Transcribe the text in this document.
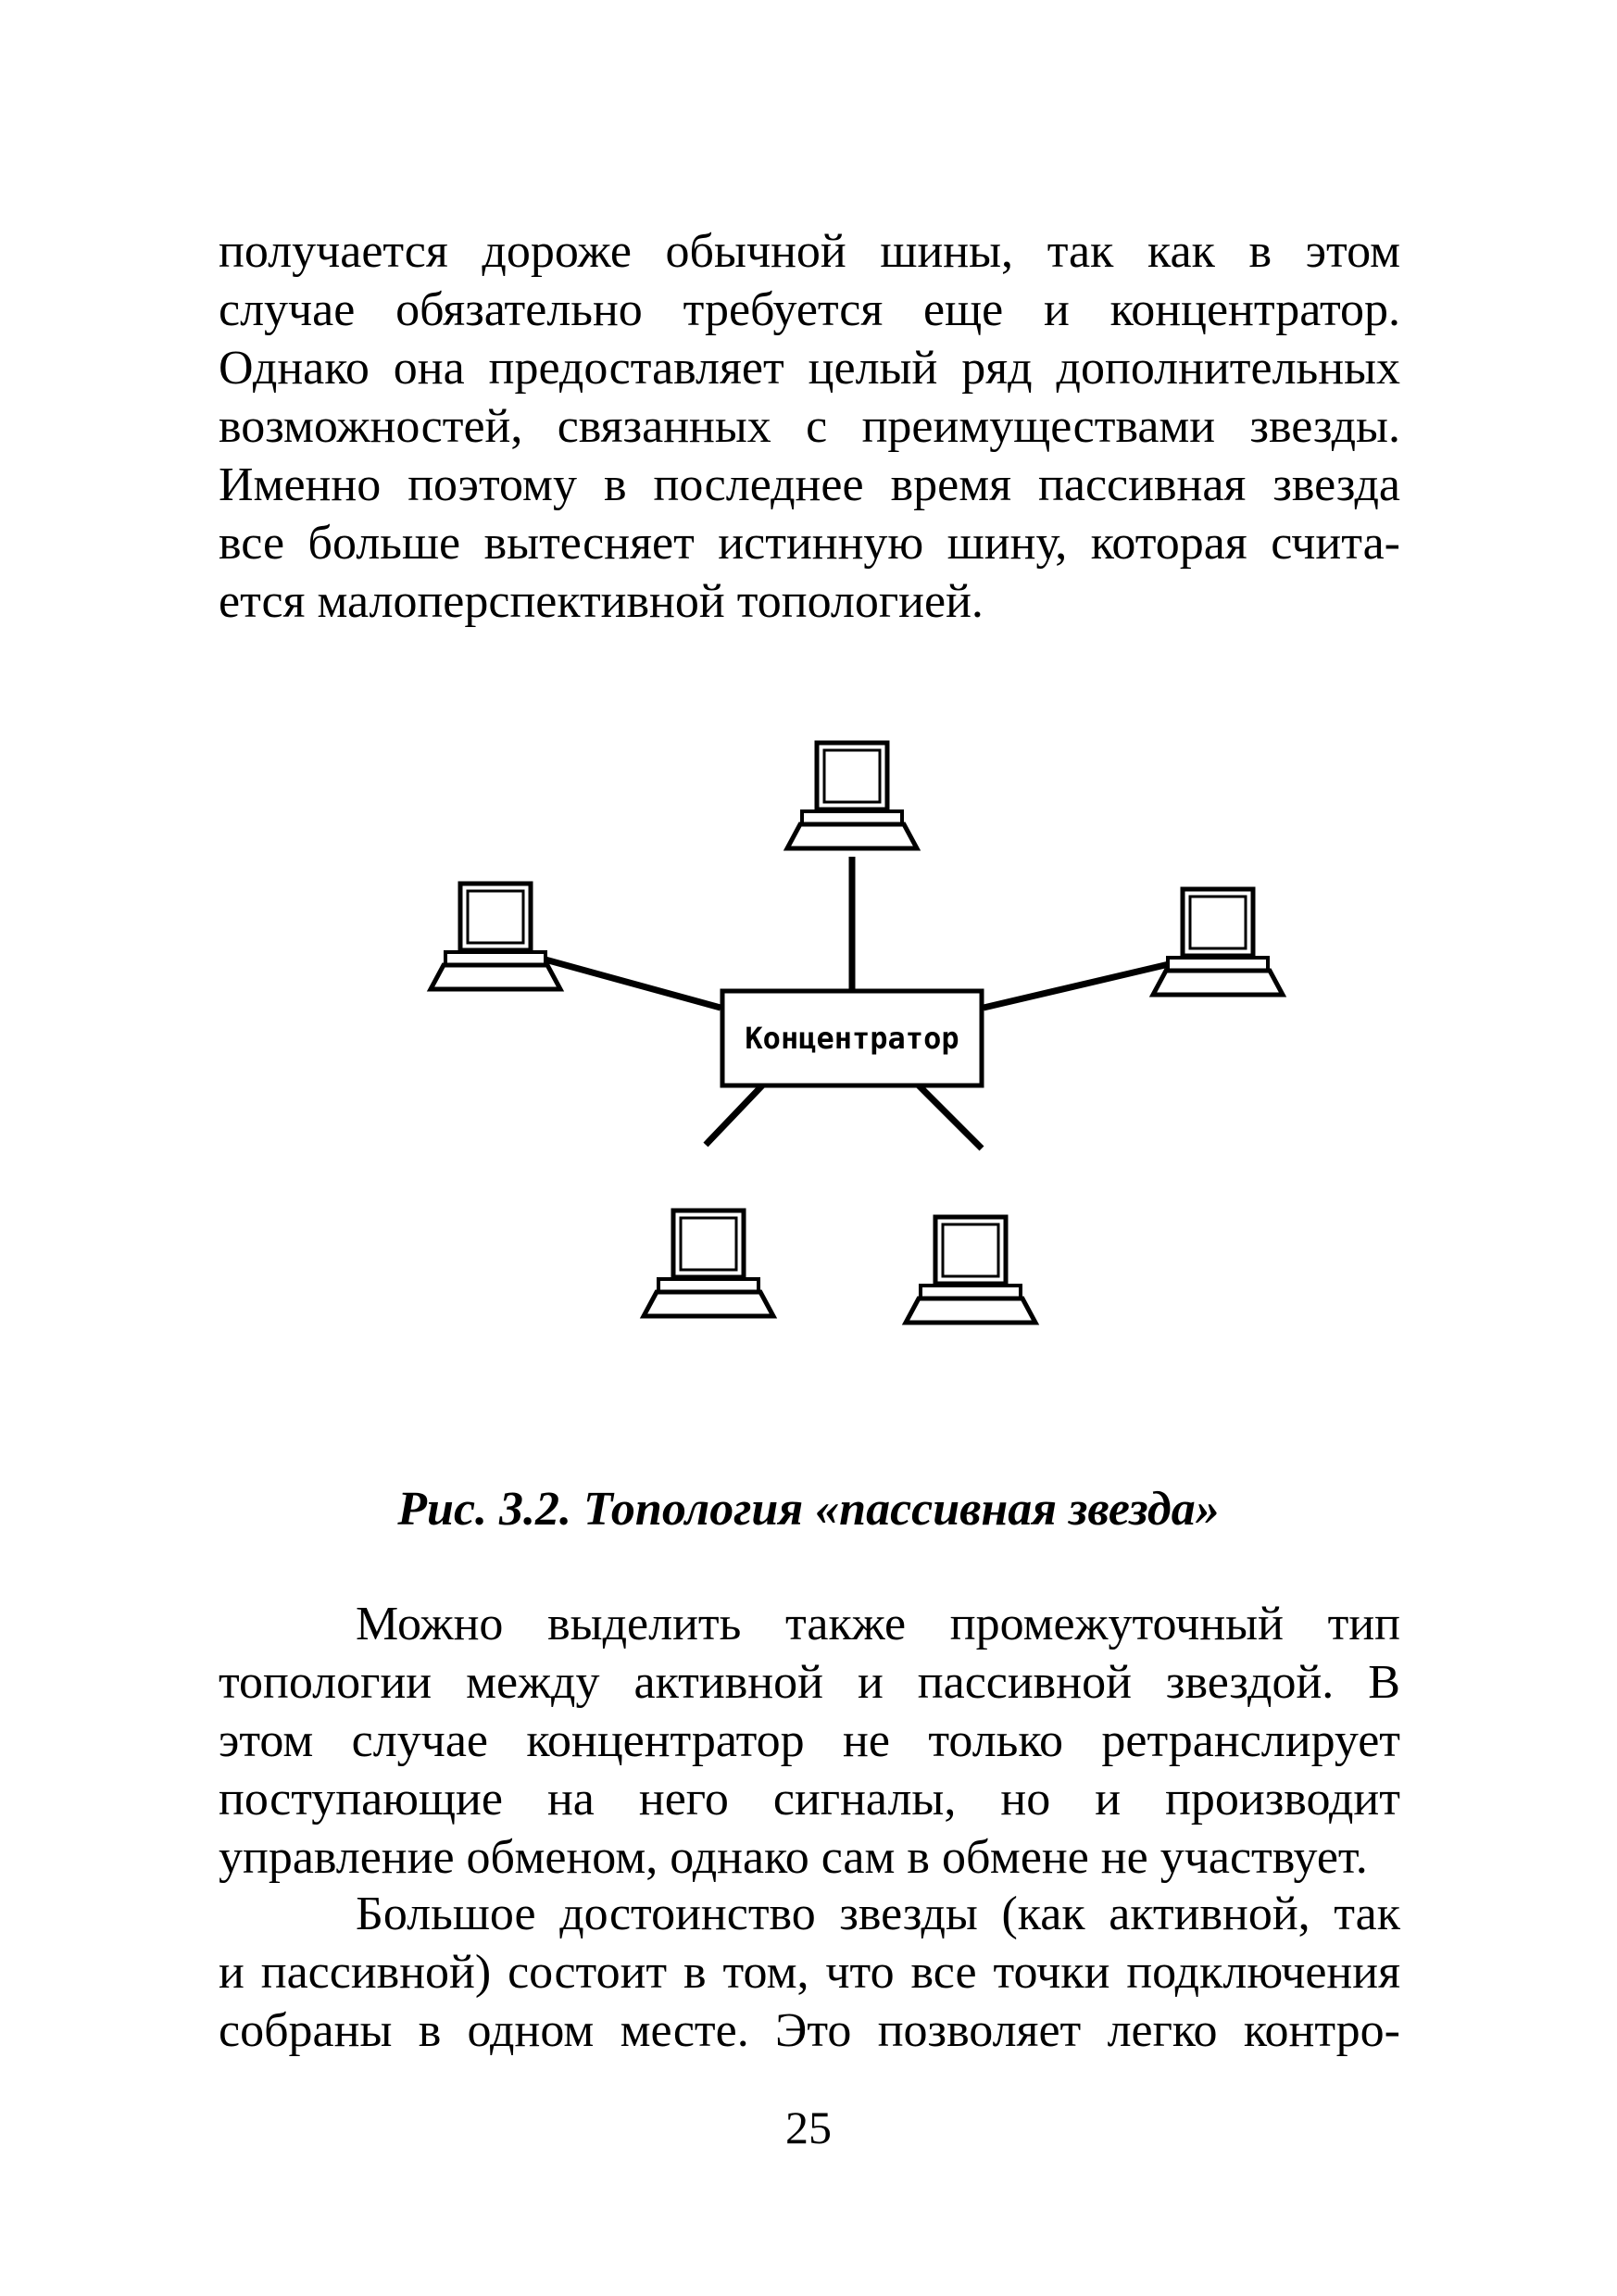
получается дороже обычной шины, так как в этом
случае обязательно требуется еще и концентратор.
Однако она предоставляет целый ряд дополнительных
возможностей, связанных с преимуществами звезды.
Именно поэтому в последнее время пассивная звезда
все больше вытесняет истинную шину, которая счита-
ется малоперспективной топологией.
Концентратор

Рис. 3.2. Топология «пассивная звезда»

Можно выделить также промежуточный тип
топологии между активной и пассивной звездой. В
этом случае концентратор не только ретранслирует
поступающие на него сигналы, но и производит
управление обменом, однако сам в обмене не участвует.
Большое достоинство звезды (как активной, так
и пассивной) состоит в том, что все точки подключения
собраны в одном месте. Это позволяет легко контро-

25
